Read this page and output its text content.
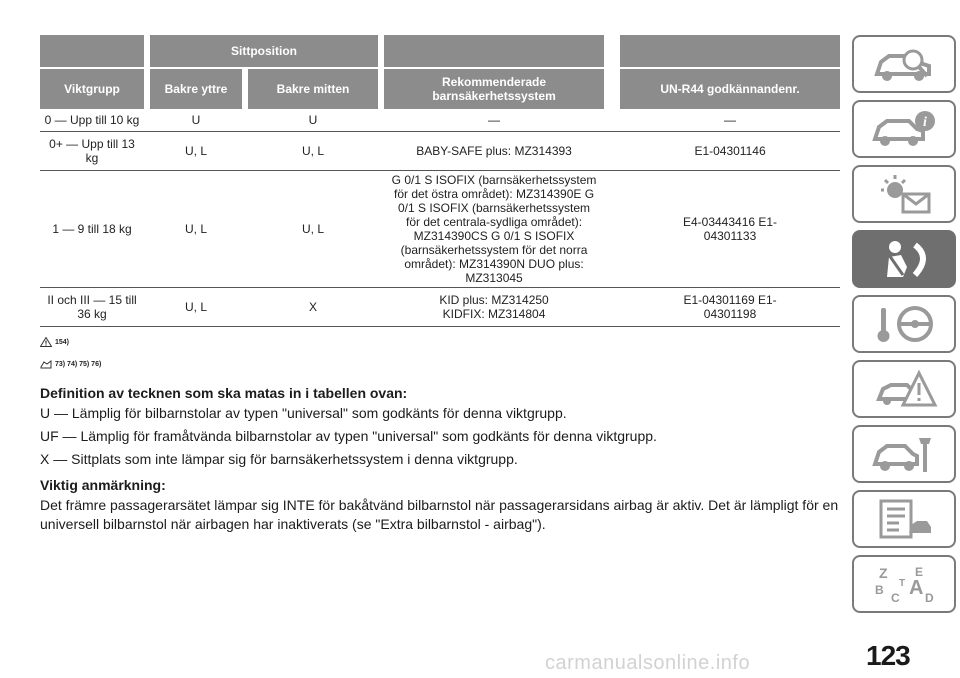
		Sittposition						
Viktgrupp		Bakre yttre		Bakre mitten		Rekommenderade barnsäkerhetssystem		UN-R44 godkännandenr.
0 — Upp till 10 kg		U		U		—		—
0+ — Upp till 13 kg		U, L		U, L		BABY-SAFE plus: MZ314393		E1-04301146
1 — 9 till 18 kg		U, L		U, L		G 0/1 S ISOFIX (barnsäkerhetssystem för det östra området): MZ314390E G 0/1 S ISOFIX (barnsäkerhetssystem för det centrala-sydliga området): MZ314390CS G 0/1 S ISOFIX (barnsäkerhetssystem för det norra området): MZ314390N DUO plus: MZ313045		E4-03443416 E1-04301133
II och III — 15 till 36 kg		U, L		X		KID plus: MZ314250 KIDFIX: MZ314804		E1-04301169 E1-04301198
154)
73) 74) 75) 76)
Definition av tecknen som ska matas in i tabellen ovan:

U — Lämplig för bilbarnstolar av typen "universal" som godkänts för denna viktgrupp.

UF — Lämplig för framåtvända bilbarnstolar av typen "universal" som godkänts för denna viktgrupp.

X — Sittplats som inte lämpar sig för barnsäkerhetssystem i denna viktgrupp.

Viktig anmärkning:

Det främre passagerarsätet lämpar sig INTE för bakåtvänd bilbarnstol när passagerarsidans airbag är aktiv. Det är lämpligt för en universell bilbarnstol när airbagen har inaktiverats (se "Extra bilbarnstol - airbag").

i
Z E
B A
C D
T
123
carmanualsonline.info
